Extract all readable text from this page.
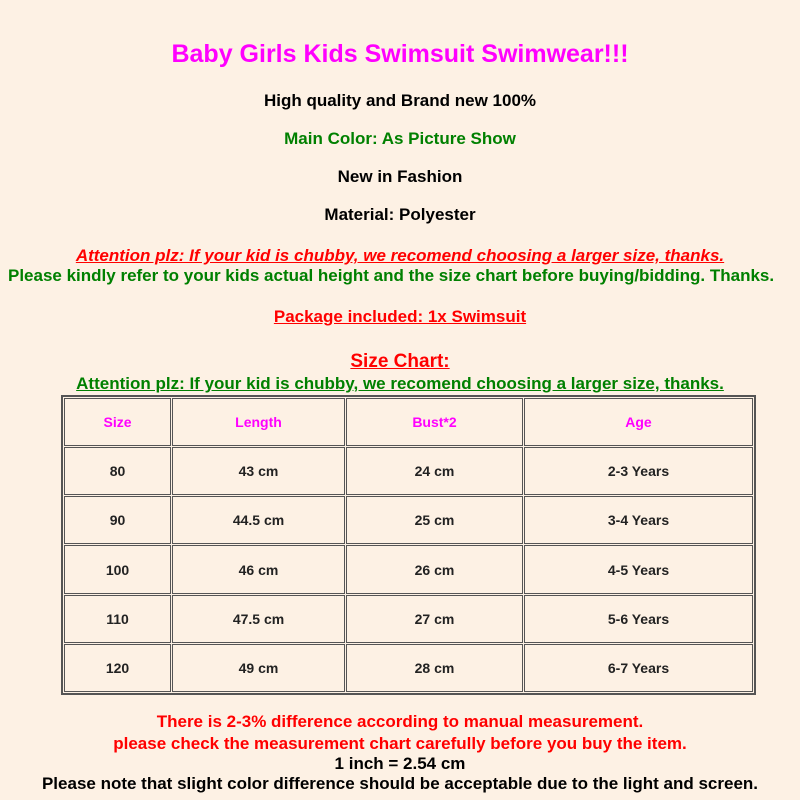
Baby Girls Kids Swimsuit Swimwear!!!
High quality and Brand new 100%
Main Color: As Picture Show
New in Fashion
Material: Polyester
Attention plz: If your kid is chubby, we recomend choosing a larger size, thanks.
Please kindly refer to your kids actual height and the size chart before buying/bidding. Thanks.
Package included: 1x Swimsuit
Size Chart:
Attention plz: If your kid is chubby, we recomend choosing a larger size, thanks.
Size	Length	Bust*2	Age
80	43 cm	24 cm	2-3 Years
90	44.5 cm	25 cm	3-4 Years
100	46 cm	26 cm	4-5 Years
110	47.5 cm	27 cm	5-6 Years
120	49 cm	28 cm	6-7 Years
There is 2-3% difference according to manual measurement.
please check the measurement chart carefully before you buy the item.
1 inch = 2.54 cm
Please note that slight color difference should be acceptable due to the light and screen.
